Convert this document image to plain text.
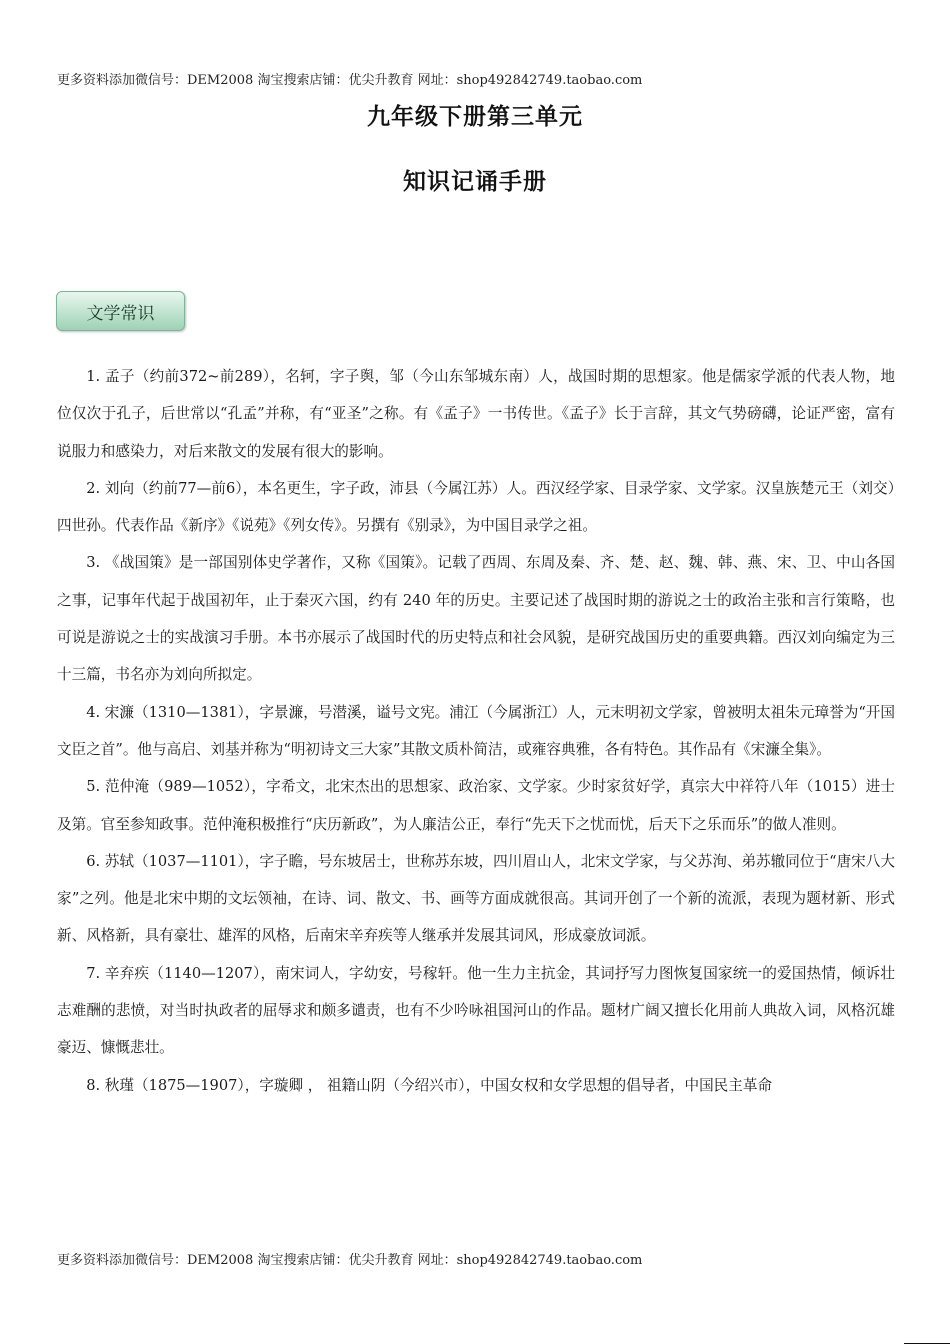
更多资料添加微信号：DEM2008 淘宝搜索店铺：优尖升教育 网址：shop492842749.taobao.com
九年级下册第三单元
知识记诵手册
文学常识

1. 孟子（约前372~前289），名轲，字子舆，邹（今山东邹城东南）人，战国时期的思想家。他是儒家学派的代表人物，地位仅次于孔子，后世常以“孔孟”并称，有“亚圣”之称。有《孟子》一书传世。《孟子》长于言辞，其文气势磅礴，论证严密，富有说服力和感染力，对后来散文的发展有很大的影响。

2. 刘向（约前77—前6），本名更生，字子政，沛县（今属江苏）人。西汉经学家、目录学家、文学家。汉皇族楚元王（刘交）四世孙。代表作品《新序》《说苑》《列女传》。另撰有《别录》，为中国目录学之祖。

3. 《战国策》是一部国别体史学著作，又称《国策》。记载了西周、东周及秦、齐、楚、赵、魏、韩、燕、宋、卫、中山各国之事，记事年代起于战国初年，止于秦灭六国，约有 240 年的历史。主要记述了战国时期的游说之士的政治主张和言行策略，也可说是游说之士的实战演习手册。本书亦展示了战国时代的历史特点和社会风貌，是研究战国历史的重要典籍。西汉刘向编定为三十三篇，书名亦为刘向所拟定。

4. 宋濂（1310—1381），字景濂，号潜溪，谥号文宪。浦江（今属浙江）人，元末明初文学家，曾被明太祖朱元璋誉为“开国文臣之首”。他与高启、刘基并称为“明初诗文三大家”其散文质朴简洁，或雍容典雅，各有特色。其作品有《宋濂全集》。

5. 范仲淹（989—1052），字希文，北宋杰出的思想家、政治家、文学家。少时家贫好学，真宗大中祥符八年（1015）进士及第。官至参知政事。范仲淹积极推行“庆历新政”，为人廉洁公正，奉行“先天下之忧而忧，后天下之乐而乐”的做人准则。

6. 苏轼（1037—1101），字子瞻，号东坡居士，世称苏东坡，四川眉山人，北宋文学家，与父苏洵、弟苏辙同位于“唐宋八大家”之列。他是北宋中期的文坛领袖，在诗、词、散文、书、画等方面成就很高。其词开创了一个新的流派，表现为题材新、形式新、风格新，具有豪壮、雄浑的风格，后南宋辛弃疾等人继承并发展其词风，形成豪放词派。

7. 辛弃疾（1140—1207），南宋词人，字幼安，号稼轩。他一生力主抗金，其词抒写力图恢复国家统一的爱国热情，倾诉壮志难酬的悲愤，对当时执政者的屈辱求和颇多谴责，也有不少吟咏祖国河山的作品。题材广阔又擅长化用前人典故入词，风格沉雄豪迈、慷慨悲壮。

8. 秋瑾（1875—1907），字璇卿 ， 祖籍山阴（今绍兴市），中国女权和女学思想的倡导者，中国民主革命

更多资料添加微信号：DEM2008 淘宝搜索店铺：优尖升教育 网址：shop492842749.taobao.com
